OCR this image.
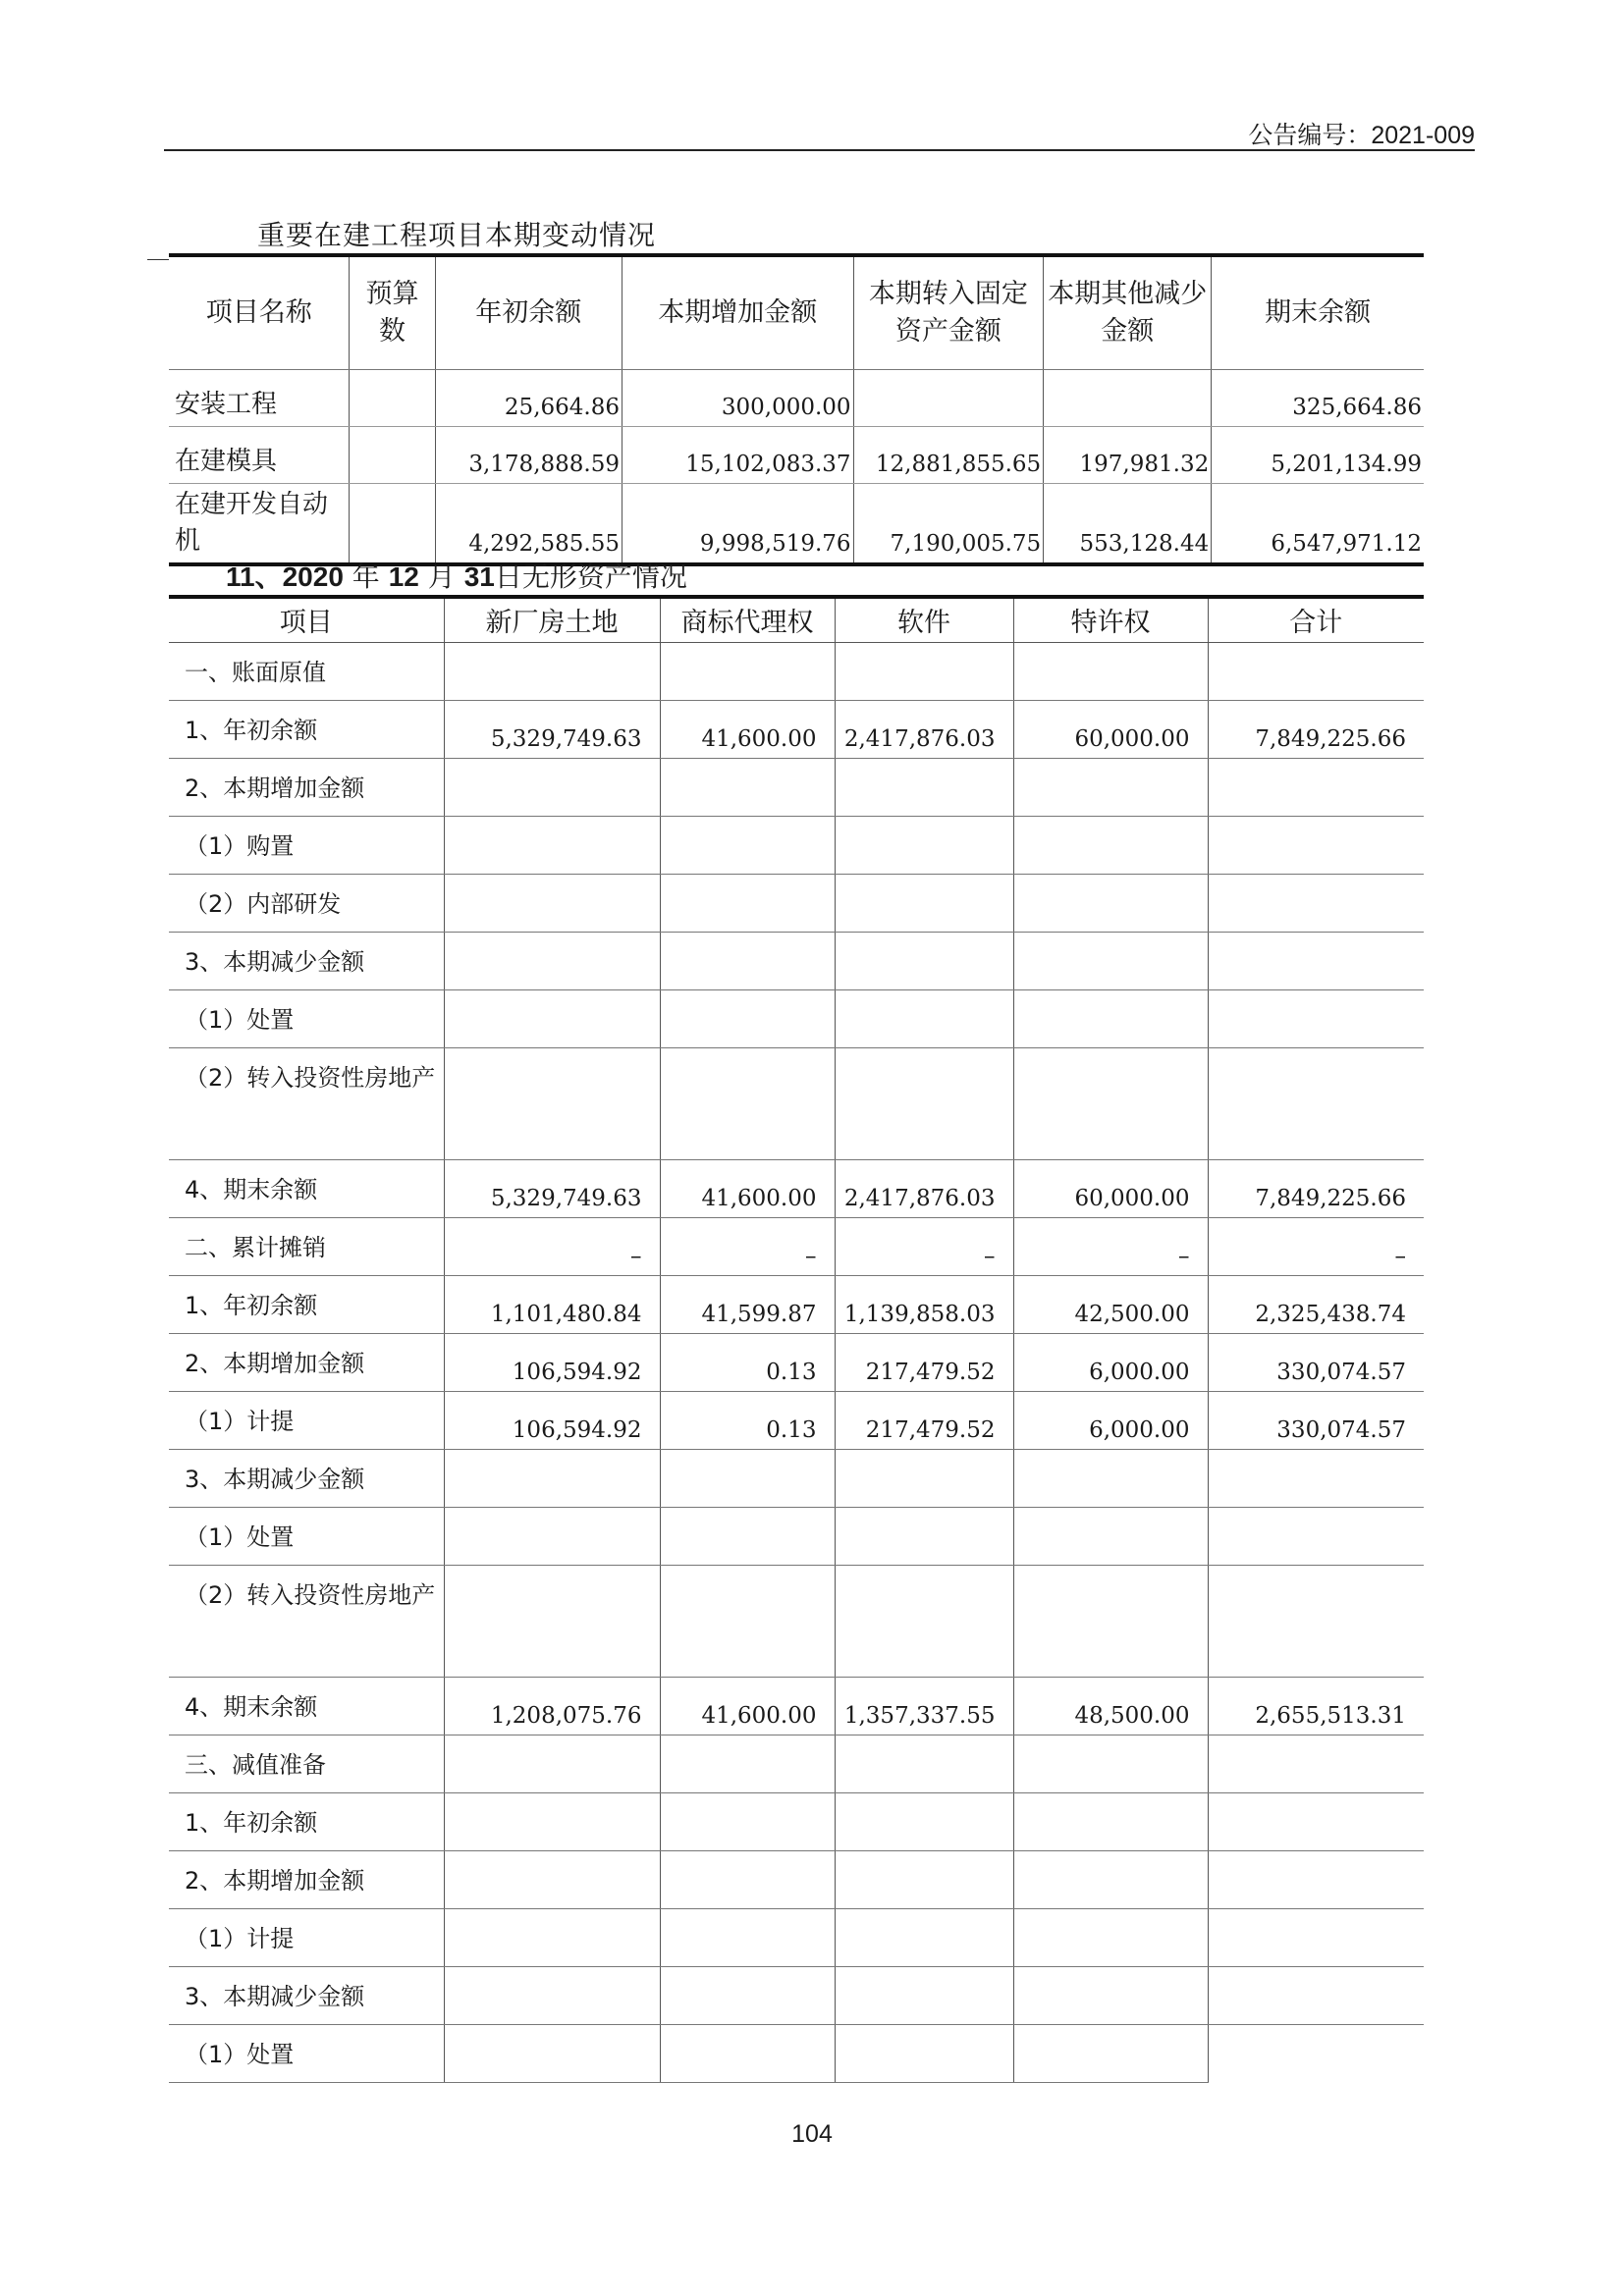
公告编号：2021-009
重要在建工程项目本期变动情况
项目名称	预算数	年初余额	本期增加金额	本期转入固定资产金额	本期其他减少金额	期末余额
安装工程		25,664.86	300,000.00			325,664.86
在建模具		3,178,888.59	15,102,083.37	12,881,855.65	197,981.32	5,201,134.99
在建开发自动机		4,292,585.55	9,998,519.76	7,190,005.75	553,128.44	6,547,971.12
11、2020 年 12 月 31日无形资产情况
项目	新厂房土地	商标代理权	软件	特许权	合计
一、账面原值					
1、年初余额	5,329,749.63	41,600.00	2,417,876.03	60,000.00	7,849,225.66
2、本期增加金额					
（1）购置					
（2）内部研发					
3、本期减少金额					
（1）处置					
（2）转入投资性房地产					
4、期末余额	5,329,749.63	41,600.00	2,417,876.03	60,000.00	7,849,225.66
二、累计摊销	–	–	–	–	–
1、年初余额	1,101,480.84	41,599.87	1,139,858.03	42,500.00	2,325,438.74
2、本期增加金额	106,594.92	0.13	217,479.52	6,000.00	330,074.57
（1）计提	106,594.92	0.13	217,479.52	6,000.00	330,074.57
3、本期减少金额					
（1）处置					
（2）转入投资性房地产					
4、期末余额	1,208,075.76	41,600.00	1,357,337.55	48,500.00	2,655,513.31
三、减值准备					
1、年初余额					
2、本期增加金额					
（1）计提					
3、本期减少金额					
（1）处置					
104
